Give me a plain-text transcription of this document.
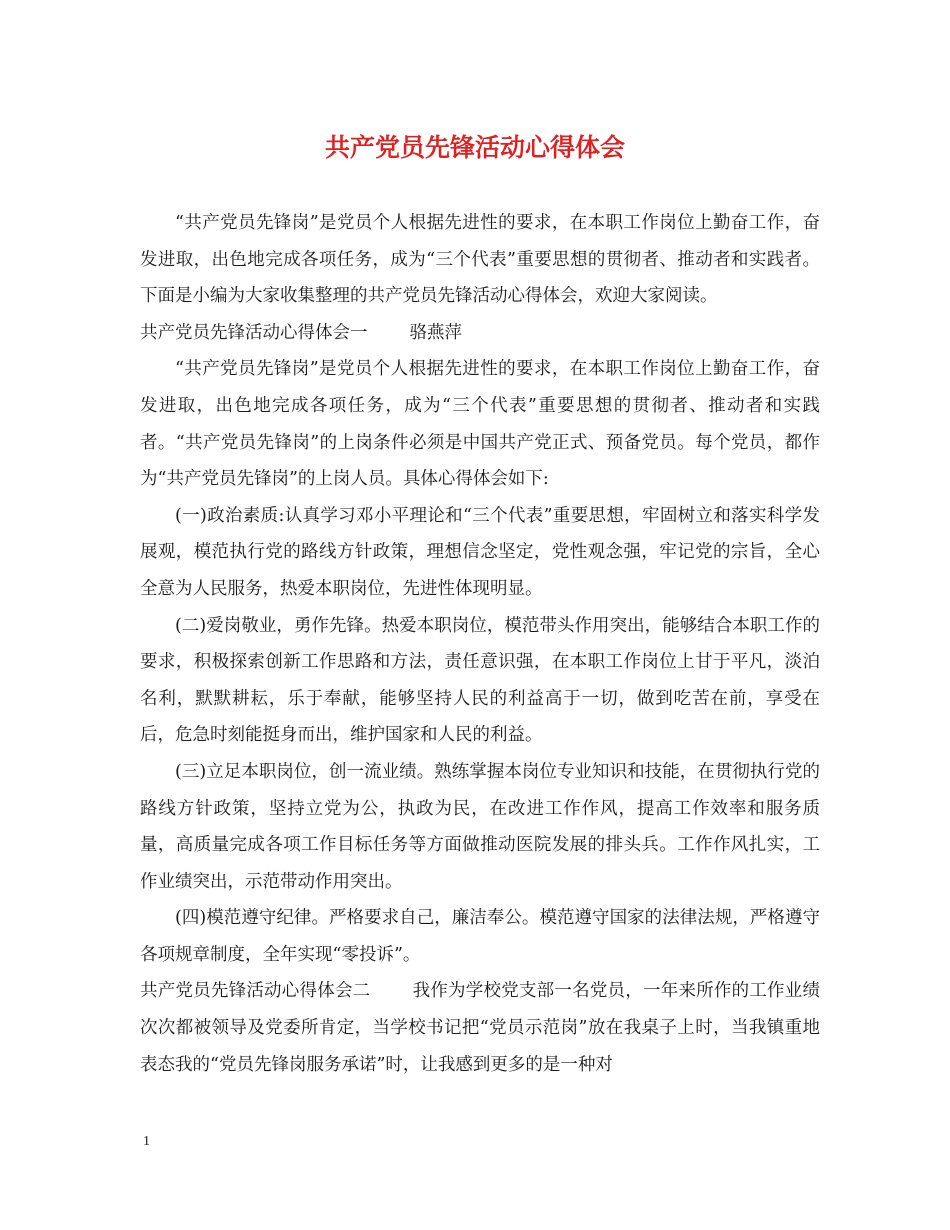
共产党员先锋活动心得体会

“共产党员先锋岗”是党员个人根据先进性的要求，在本职工作岗位上勤奋工作，奋发进取，出色地完成各项任务，成为“三个代表”重要思想的贯彻者、推动者和实践者。下面是小编为大家收集整理的共产党员先锋活动心得体会，欢迎大家阅读。

共产党员先锋活动心得体会一 骆燕萍

“共产党员先锋岗”是党员个人根据先进性的要求，在本职工作岗位上勤奋工作，奋发进取，出色地完成各项任务，成为“三个代表”重要思想的贯彻者、推动者和实践者。“共产党员先锋岗”的上岗条件必须是中国共产党正式、预备党员。每个党员，都作为“共产党员先锋岗”的上岗人员。具体心得体会如下:

(一)政治素质:认真学习邓小平理论和“三个代表”重要思想，牢固树立和落实科学发展观，模范执行党的路线方针政策，理想信念坚定，党性观念强，牢记党的宗旨，全心全意为人民服务，热爱本职岗位，先进性体现明显。

(二)爱岗敬业，勇作先锋。热爱本职岗位，模范带头作用突出，能够结合本职工作的要求，积极探索创新工作思路和方法，责任意识强，在本职工作岗位上甘于平凡，淡泊名利，默默耕耘，乐于奉献，能够坚持人民的利益高于一切，做到吃苦在前，享受在后，危急时刻能挺身而出，维护国家和人民的利益。

(三)立足本职岗位，创一流业绩。熟练掌握本岗位专业知识和技能，在贯彻执行党的路线方针政策，坚持立党为公，执政为民，在改进工作作风，提高工作效率和服务质量，高质量完成各项工作目标任务等方面做推动医院发展的排头兵。工作作风扎实，工作业绩突出，示范带动作用突出。

(四)模范遵守纪律。严格要求自己，廉洁奉公。模范遵守国家的法律法规，严格遵守各项规章制度，全年实现“零投诉”。

共产党员先锋活动心得体会二 我作为学校党支部一名党员，一年来所作的工作业绩次次都被领导及党委所肯定，当学校书记把“党员示范岗”放在我桌子上时，当我镇重地表态我的“党员先锋岗服务承诺”时，让我感到更多的是一种对

1
